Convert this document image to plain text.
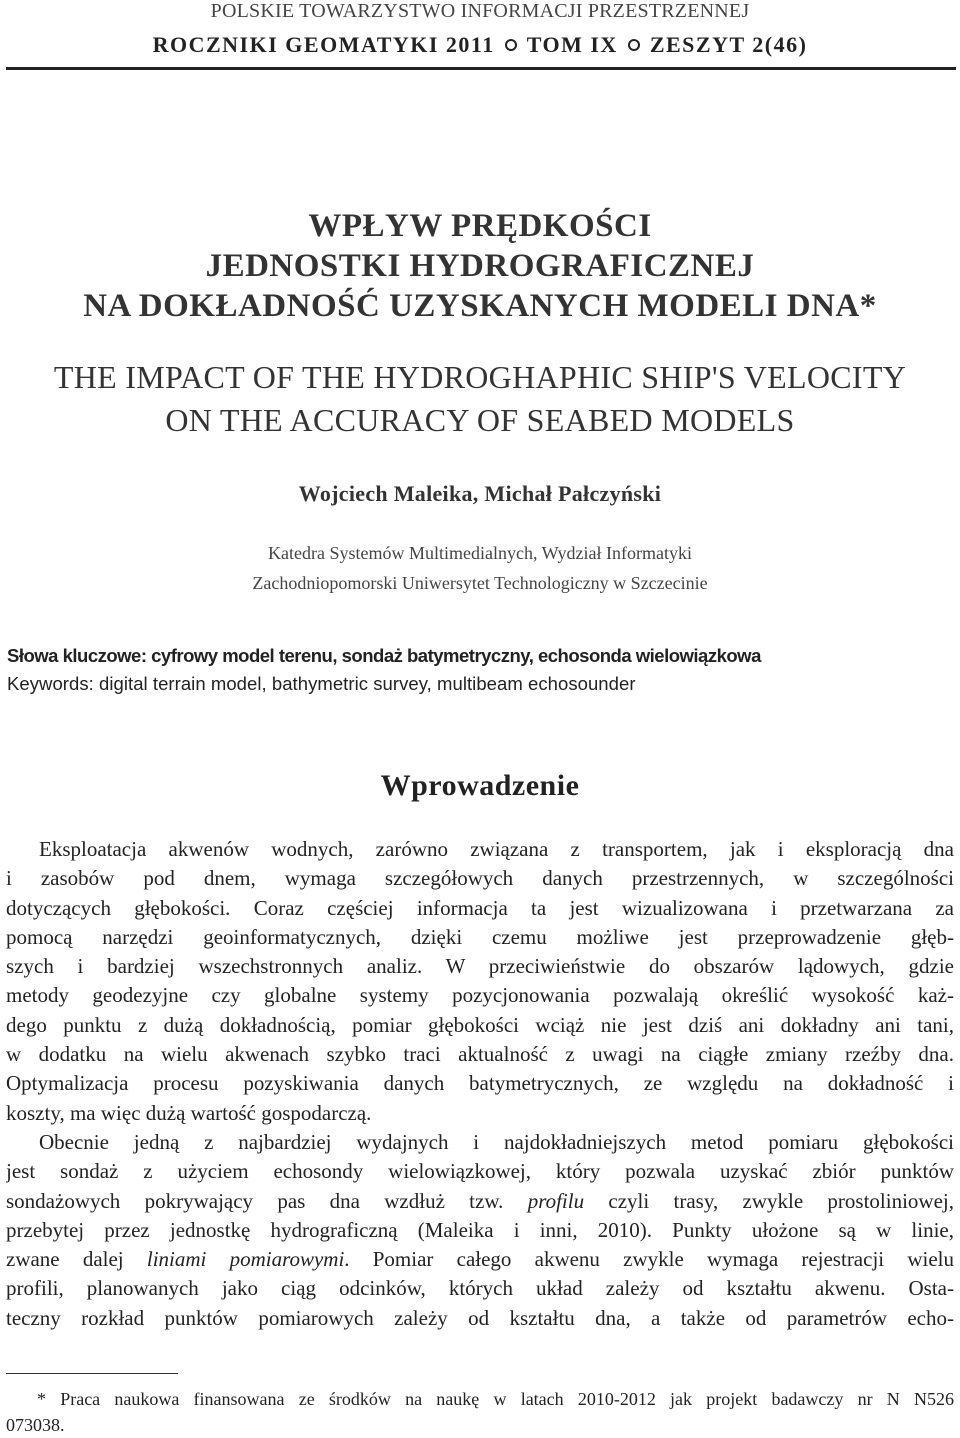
POLSKIE TOWARZYSTWO INFORMACJI PRZESTRZENNEJ
ROCZNIKI GEOMATYKI 2011 TOM IX ZESZYT 2(46)
WPŁYW PRĘDKOŚCI
JEDNOSTKI HYDROGRAFICZNEJ
NA DOKŁADNOŚĆ UZYSKANYCH MODELI DNA*
THE IMPACT OF THE HYDROGHAPHIC SHIP'S VELOCITY
ON THE ACCURACY OF SEABED MODELS
Wojciech Maleika, Michał Pałczyński
Katedra Systemów Multimedialnych, Wydział Informatyki
Zachodniopomorski Uniwersytet Technologiczny w Szczecinie
Słowa kluczowe: cyfrowy model terenu, sondaż batymetryczny, echosonda wielowiązkowa
Keywords: digital terrain model, bathymetric survey, multibeam echosounder
Wprowadzenie

Eksploatacja akwenów wodnych, zarówno związana z transportem, jak i eksploracją dna
i zasobów pod dnem, wymaga szczegółowych danych przestrzennych, w szczególności
dotyczących głębokości. Coraz częściej informacja ta jest wizualizowana i przetwarzana za
pomocą narzędzi geoinformatycznych, dzięki czemu możliwe jest przeprowadzenie głęb-
szych i bardziej wszechstronnych analiz. W przeciwieństwie do obszarów lądowych, gdzie
metody geodezyjne czy globalne systemy pozycjonowania pozwalają określić wysokość każ-
dego punktu z dużą dokładnością, pomiar głębokości wciąż nie jest dziś ani dokładny ani tani,
w dodatku na wielu akwenach szybko traci aktualność z uwagi na ciągłe zmiany rzeźby dna.
Optymalizacja procesu pozyskiwania danych batymetrycznych, ze względu na dokładność i
koszty, ma więc dużą wartość gospodarczą.

Obecnie jedną z najbardziej wydajnych i najdokładniejszych metod pomiaru głębokości
jest sondaż z użyciem echosondy wielowiązkowej, który pozwala uzyskać zbiór punktów
sondażowych pokrywający pas dna wzdłuż tzw. profilu czyli trasy, zwykle prostoliniowej,
przebytej przez jednostkę hydrograficzną (Maleika i inni, 2010). Punkty ułożone są w linie,
zwane dalej liniami pomiarowymi. Pomiar całego akwenu zwykle wymaga rejestracji wielu
profili, planowanych jako ciąg odcinków, których układ zależy od kształtu akwenu. Osta-
teczny rozkład punktów pomiarowych zależy od kształtu dna, a także od parametrów echo-

* Praca naukowa finansowana ze środków na naukę w latach 2010-2012 jak projekt badawczy nr N N526
073038.
